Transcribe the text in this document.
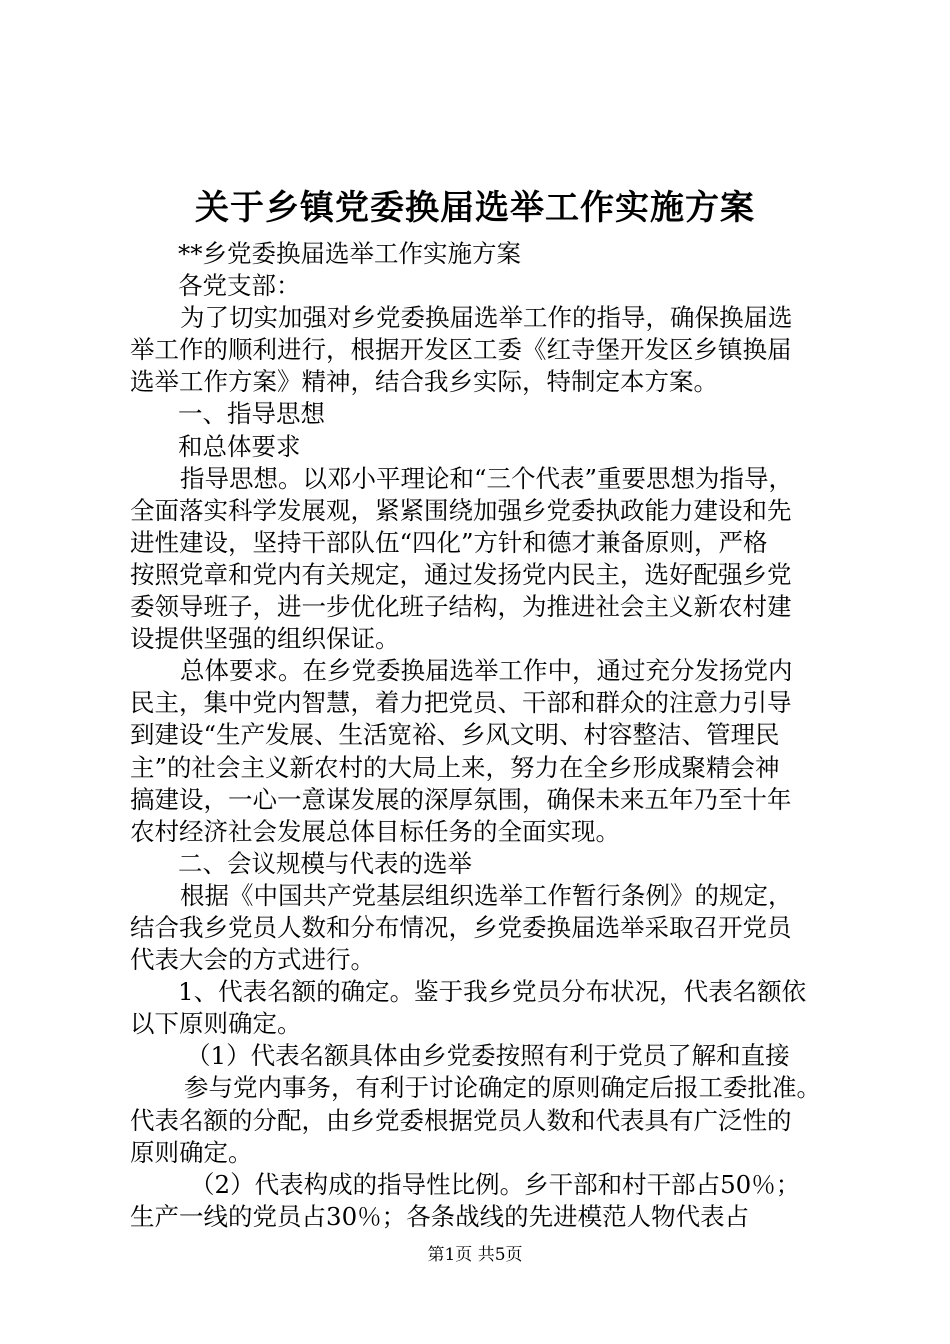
关于乡镇党委换届选举工作实施方案
**乡党委换届选举工作实施方案
各党支部：
为了切实加强对乡党委换届选举工作的指导，确保换届选
举工作的顺利进行，根据开发区工委《红寺堡开发区乡镇换届
选举工作方案》精神，结合我乡实际，特制定本方案。
一、指导思想
和总体要求
指导思想。以邓小平理论和“三个代表”重要思想为指导，
全面落实科学发展观，紧紧围绕加强乡党委执政能力建设和先
进性建设，坚持干部队伍“四化”方针和德才兼备原则，严格
按照党章和党内有关规定，通过发扬党内民主，选好配强乡党
委领导班子，进一步优化班子结构，为推进社会主义新农村建
设提供坚强的组织保证。
总体要求。在乡党委换届选举工作中，通过充分发扬党内
民主，集中党内智慧，着力把党员、干部和群众的注意力引导
到建设“生产发展、生活宽裕、乡风文明、村容整洁、管理民
主”的社会主义新农村的大局上来，努力在全乡形成聚精会神
搞建设，一心一意谋发展的深厚氛围，确保未来五年乃至十年
农村经济社会发展总体目标任务的全面实现。
二、会议规模与代表的选举
根据《中国共产党基层组织选举工作暂行条例》的规定，
结合我乡党员人数和分布情况，乡党委换届选举采取召开党员
代表大会的方式进行。
1、代表名额的确定。鉴于我乡党员分布状况，代表名额依
以下原则确定。
（1）代表名额具体由乡党委按照有利于党员了解和直接
参与党内事务，有利于讨论确定的原则确定后报工委批准。
代表名额的分配，由乡党委根据党员人数和代表具有广泛性的
原则确定。
（2）代表构成的指导性比例。乡干部和村干部占50％；
生产一线的党员占30％；各条战线的先进模范人物代表占
第1页 共5页
